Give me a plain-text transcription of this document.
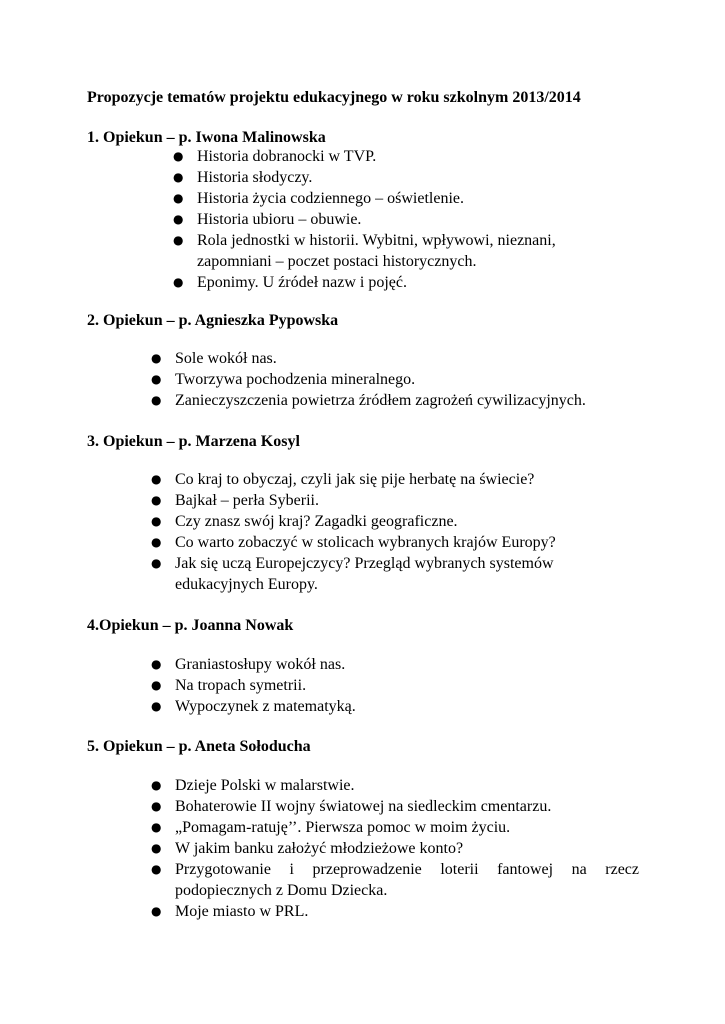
Propozycje tematów projektu edukacyjnego w roku szkolnym 2013/2014
1. Opiekun – p. Iwona Malinowska
● Historia dobranocki w TVP.
● Historia słodyczy.
● Historia życia codziennego – oświetlenie.
● Historia ubioru – obuwie.
● Rola jednostki w historii. Wybitni, wpływowi, nieznani, zapomniani – poczet postaci historycznych.
● Eponimy. U źródeł nazw i pojęć.
2. Opiekun – p. Agnieszka Pypowska
● Sole wokół nas.
● Tworzywa pochodzenia mineralnego.
● Zanieczyszczenia powietrza źródłem zagrożeń cywilizacyjnych.
3. Opiekun – p. Marzena Kosyl
● Co kraj to obyczaj, czyli jak się pije herbatę na świecie?
● Bajkał – perła Syberii.
● Czy znasz swój kraj? Zagadki geograficzne.
● Co warto zobaczyć w stolicach wybranych krajów Europy?
● Jak się uczą Europejczycy? Przegląd wybranych systemów edukacyjnych Europy.
4.Opiekun – p. Joanna Nowak
● Graniastosłupy wokół nas.
● Na tropach symetrii.
● Wypoczynek z matematyką.
5. Opiekun – p. Aneta Sołoducha
● Dzieje Polski w malarstwie.
● Bohaterowie II wojny światowej na siedleckim cmentarzu.
● „Pomagam-ratuję’’. Pierwsza pomoc w moim życiu.
● W jakim banku założyć młodzieżowe konto?
● Przygotowanie i przeprowadzenie loterii fantowej na rzecz podopiecznych z Domu Dziecka.
● Moje miasto w PRL.
